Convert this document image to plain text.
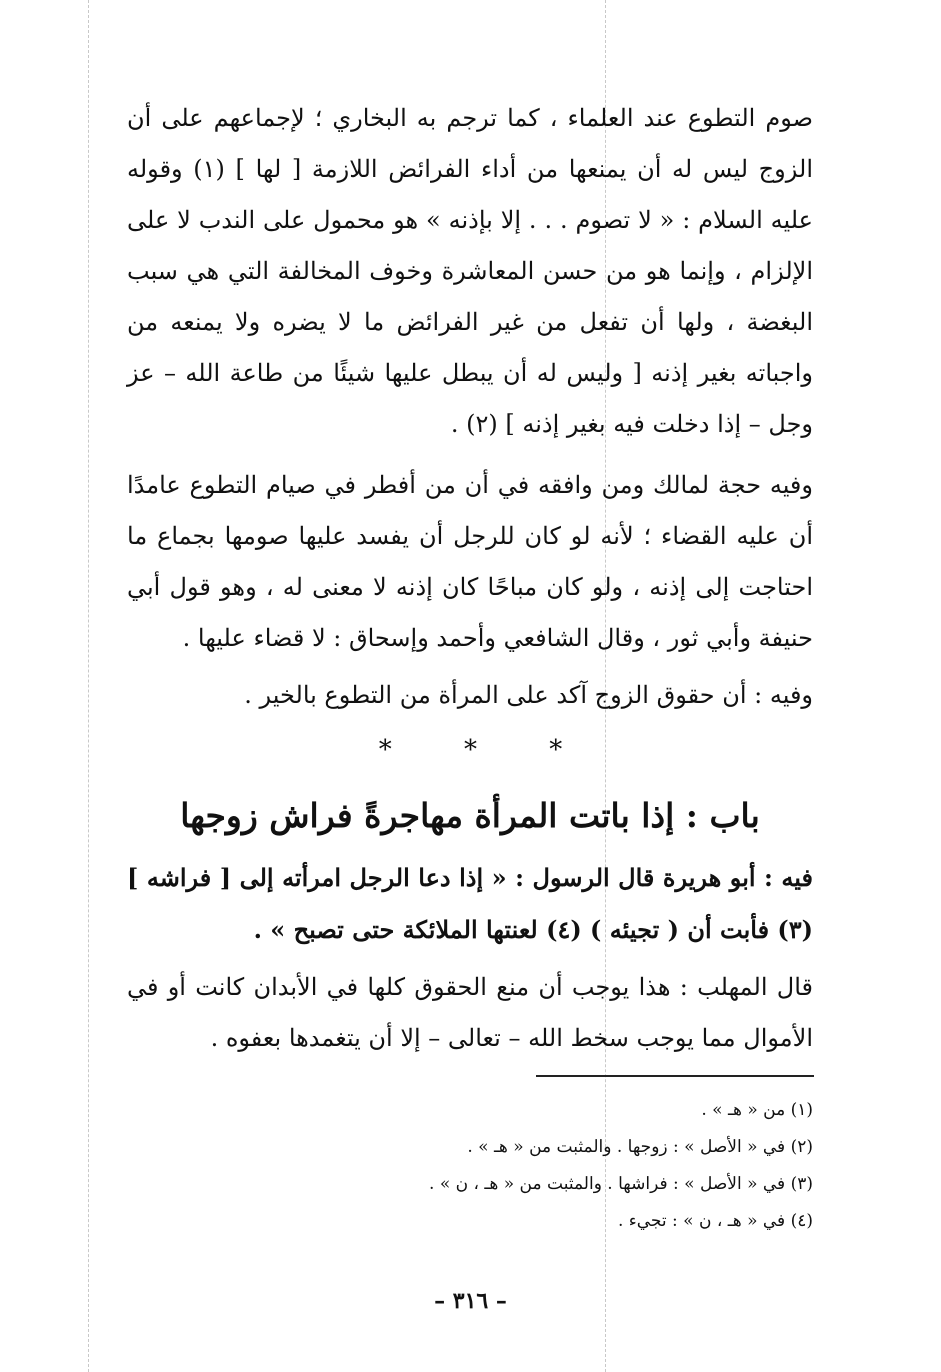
صوم التطوع عند العلماء ، كما ترجم به البخاري ؛ لإجماعهم على أن الزوج ليس له أن يمنعها من أداء الفرائض اللازمة [ لها ] (١) وقوله عليه السلام : « لا تصوم . . . إلا بإذنه » هو محمول على الندب لا على الإلزام ، وإنما هو من حسن المعاشرة وخوف المخالفة التي هي سبب البغضة ، ولها أن تفعل من غير الفرائض ما لا يضره ولا يمنعه من واجباته بغير إذنه [ وليس له أن يبطل عليها شيئًا من طاعة الله – عز وجل – إذا دخلت فيه بغير إذنه ] (٢) .
وفيه حجة لمالك ومن وافقه في أن من أفطر في صيام التطوع عامدًا أن عليه القضاء ؛ لأنه لو كان للرجل أن يفسد عليها صومها بجماع ما احتاجت إلى إذنه ، ولو كان مباحًا كان إذنه لا معنى له ، وهو قول أبي حنيفة وأبي ثور ، وقال الشافعي وأحمد وإسحاق : لا قضاء عليها .
وفيه : أن حقوق الزوج آكد على المرأة من التطوع بالخير .
*	*	*
باب : إذا باتت المرأة مهاجرةً فراش زوجها
فيه : أبو هريرة قال الرسول : « إذا دعا الرجل امرأته إلى [ فراشه ](٣) فأبت أن ( تجيئه ) (٤) لعنتها الملائكة حتى تصبح » .
قال المهلب : هذا يوجب أن منع الحقوق كلها في الأبدان كانت أو في الأموال مما يوجب سخط الله – تعالى – إلا أن يتغمدها بعفوه .
(١) من « هـ » .
(٢) في « الأصل » : زوجها . والمثبت من « هـ » .
(٣) في « الأصل » : فراشها . والمثبت من « هـ ، ن » .
(٤) في « هـ ، ن » : تجيء .
– ٣١٦ –
